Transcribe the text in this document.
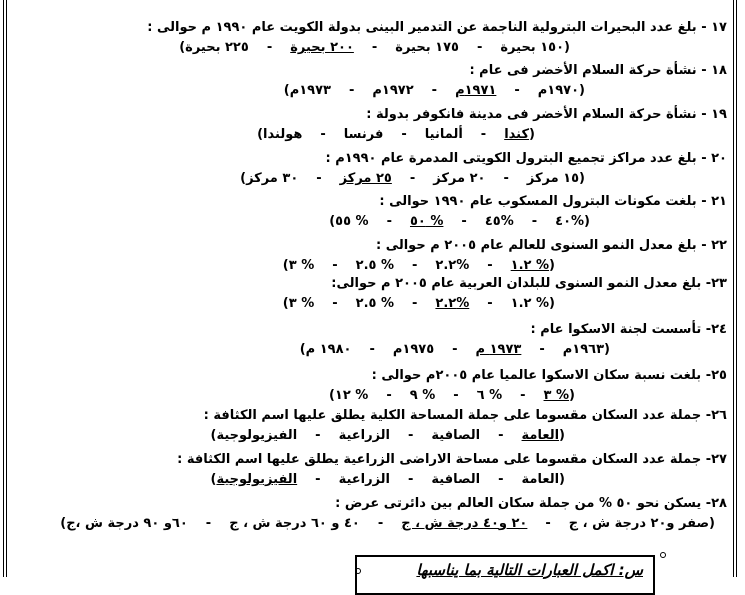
١٧ - بلغ عدد البحيرات البترولية الناجمة عن التدمير البينى بدولة الكويت عام ١٩٩٠ م حوالى :
(
١٥٠ بحيرة
-
١٧٥ بحيرة
-
٢٠٠ بحيرة
-
٢٢٥ بحيرة
)
١٨ - نشأة حركة السلام الأخضر فى عام :
(
١٩٧٠م
-
١٩٧١م
-
١٩٧٢م
-
١٩٧٣م
)
١٩ - نشأة حركة السلام الأخضر فى مدينة فانكوفر بدولة :
(
كندا
-
ألمانيا
-
فرنسا
-
هولندا
)
٢٠ - بلغ عدد مراكز تجميع البترول الكويتى المدمرة عام ١٩٩٠م :
(
١٥ مركز
-
٢٠ مركز
-
٢٥ مركز
-
٣٠ مركز
)
٢١ - بلغت مكونات البترول المسكوب عام ١٩٩٠ حوالى :
(
%٤٠
-
%٤٥
-
% ٥٠
-
% ٥٥
)
٢٢ - بلغ معدل النمو السنوى للعالم عام ٢٠٠٥ م حوالى :
(
% ١.٢
-
%٢.٢
-
% ٢.٥
-
% ٣
)
٢٣- بلغ معدل النمو السنوى للبلدان العربية عام ٢٠٠٥ م حوالى:
(
% ١.٢
-
%٢.٢
-
% ٢.٥
-
% ٣
)
٢٤- تأسست لجنة الاسكوا عام :
(
١٩٦٣م
-
١٩٧٣ م
-
١٩٧٥م
-
١٩٨٠ م
)
٢٥- بلغت نسبة سكان الاسكوا عالميا عام ٢٠٠٥م حوالى :
(
% ٣
-
% ٦
-
% ٩
-
% ١٢
)
٢٦- جملة عدد السكان مقسوما على جملة المساحة الكلية يطلق عليها اسم الكثافة :
(
العامة
-
الصافية
-
الزراعية
-
الفيزيولوجية
)
٢٧- جملة عدد السكان مقسوما على مساحة الاراضى الزراعية يطلق عليها اسم الكثافة :
(
العامة
-
الصافية
-
الزراعية
-
الفيزيولوجية
)
٢٨- يسكن نحو ٥٠ % من جملة سكان العالم بين دائرتى عرض :
(
صفر و٢٠ درجة ش ، ج
-
٢٠ و٤٠ درجة ش ، ج
-
٤٠ و ٦٠ درجة ش ، ج
-
٦٠و ٩٠ درجة ش ،ج
)
س: اكمل العبارات التالية بما يناسبها
